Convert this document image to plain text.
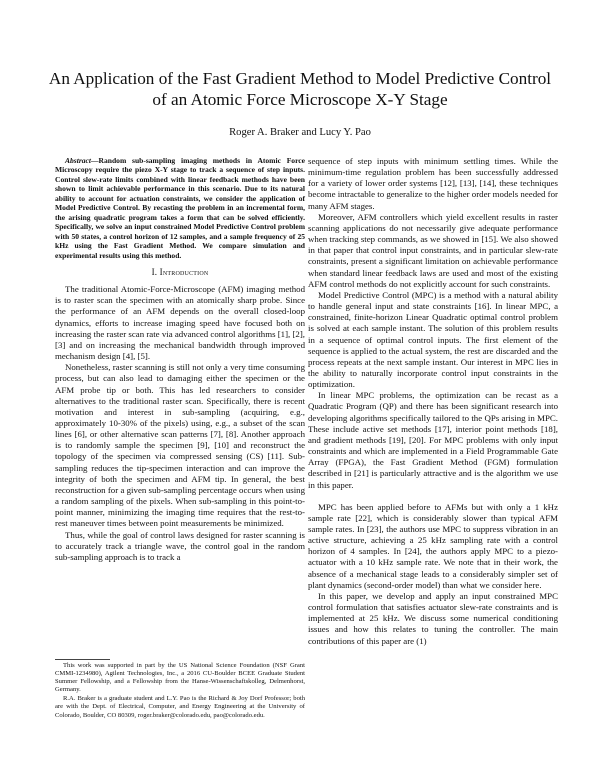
An Application of the Fast Gradient Method to Model Predictive Control
of an Atomic Force Microscope X-Y Stage
Roger A. Braker and Lucy Y. Pao

Abstract—Random sub-sampling imaging methods in Atomic Force Microscopy require the piezo X-Y stage to track a sequence of step inputs. Control slew-rate limits combined with linear feedback methods have been shown to limit achievable performance in this scenario. Due to its natural ability to account for actuation constraints, we consider the application of Model Predictive Control. By recasting the problem in an incremental form, the arising quadratic program takes a form that can be solved efficiently. Specifically, we solve an input constrained Model Predictive Control problem with 50 states, a control horizon of 12 samples, and a sample frequency of 25 kHz using the Fast Gradient Method. We compare simulation and experimental results using this method.

I. Introduction

The traditional Atomic-Force-Microscope (AFM) imaging method is to raster scan the specimen with an atomically sharp probe. Since the performance of an AFM depends on the overall closed-loop dynamics, efforts to increase imaging speed have focused both on increasing the raster scan rate via advanced control algorithms [1], [2], [3] and on increasing the mechanical bandwidth through improved mechanism design [4], [5].

Nonetheless, raster scanning is still not only a very time consuming process, but can also lead to damaging either the specimen or the AFM probe tip or both. This has led researchers to consider alternatives to the traditional raster scan. Specifically, there is recent motivation and interest in sub-sampling (acquiring, e.g., approximately 10-30% of the pixels) using, e.g., a subset of the scan lines [6], or other alternative scan patterns [7], [8]. Another approach is to randomly sample the specimen [9], [10] and reconstruct the topology of the specimen via compressed sensing (CS) [11]. Sub-sampling reduces the tip-specimen interaction and can improve the integrity of both the specimen and AFM tip. In general, the best reconstruction for a given sub-sampling percentage occurs when using a random sampling of the pixels. When sub-sampling in this point-to-point manner, minimizing the imaging time requires that the rest-to-rest maneuver times between point measurements be minimized.

Thus, while the goal of control laws designed for raster scanning is to accurately track a triangle wave, the control goal in the random sub-sampling approach is to track a

sequence of step inputs with minimum settling times. While the minimum-time regulation problem has been successfully addressed for a variety of lower order systems [12], [13], [14], these techniques become intractable to generalize to the higher order models needed for many AFM stages.

Moreover, AFM controllers which yield excellent results in raster scanning applications do not necessarily give adequate performance when tracking step commands, as we showed in [15]. We also showed in that paper that control input constraints, and in particular slew-rate constraints, present a significant limitation on achievable performance when standard linear feedback laws are used and most of the existing AFM control methods do not explicitly account for such constraints.

Model Predictive Control (MPC) is a method with a natural ability to handle general input and state constraints [16]. In linear MPC, a constrained, finite-horizon Linear Quadratic optimal control problem is solved at each sample instant. The solution of this problem results in a sequence of optimal control inputs. The first element of the sequence is applied to the actual system, the rest are discarded and the process repeats at the next sample instant. Our interest in MPC lies in the ability to naturally incorporate control input constraints in the optimization.

In linear MPC problems, the optimization can be recast as a Quadratic Program (QP) and there has been significant research into developing algorithms specifically tailored to the QPs arising in MPC. These include active set methods [17], interior point methods [18], and gradient methods [19], [20]. For MPC problems with only input constraints and which are implemented in a Field Programmable Gate Array (FPGA), the Fast Gradient Method (FGM) formulation described in [21] is particularly attractive and is the algorithm we use in this paper.

MPC has been applied before to AFMs but with only a 1 kHz sample rate [22], which is considerably slower than typical AFM sample rates. In [23], the authors use MPC to suppress vibration in an active structure, achieving a 25 kHz sampling rate with a control horizon of 4 samples. In [24], the authors apply MPC to a piezo-actuator with a 10 kHz sample rate. We note that in their work, the absence of a mechanical stage leads to a considerably simpler set of plant dynamics (second-order model) than what we consider here.

In this paper, we develop and apply an input constrained MPC control formulation that satisfies actuator slew-rate constraints and is implemented at 25 kHz. We discuss some numerical conditioning issues and how this relates to tuning the controller. The main contributions of this paper are (1)

This work was supported in part by the US National Science Foundation (NSF Grant CMMI-1234980), Agilent Technologies, Inc., a 2016 CU-Boulder BCEE Graduate Student Summer Fellowship, and a Fellowship from the Hanse-Wissenschaftskolleg, Delmenhorst, Germany.

R.A. Braker is a graduate student and L.Y. Pao is the Richard & Joy Dorf Professor; both are with the Dept. of Electrical, Computer, and Energy Engineering at the University of Colorado, Boulder, CO 80309, roger.braker@colorado.edu, pao@colorado.edu.
